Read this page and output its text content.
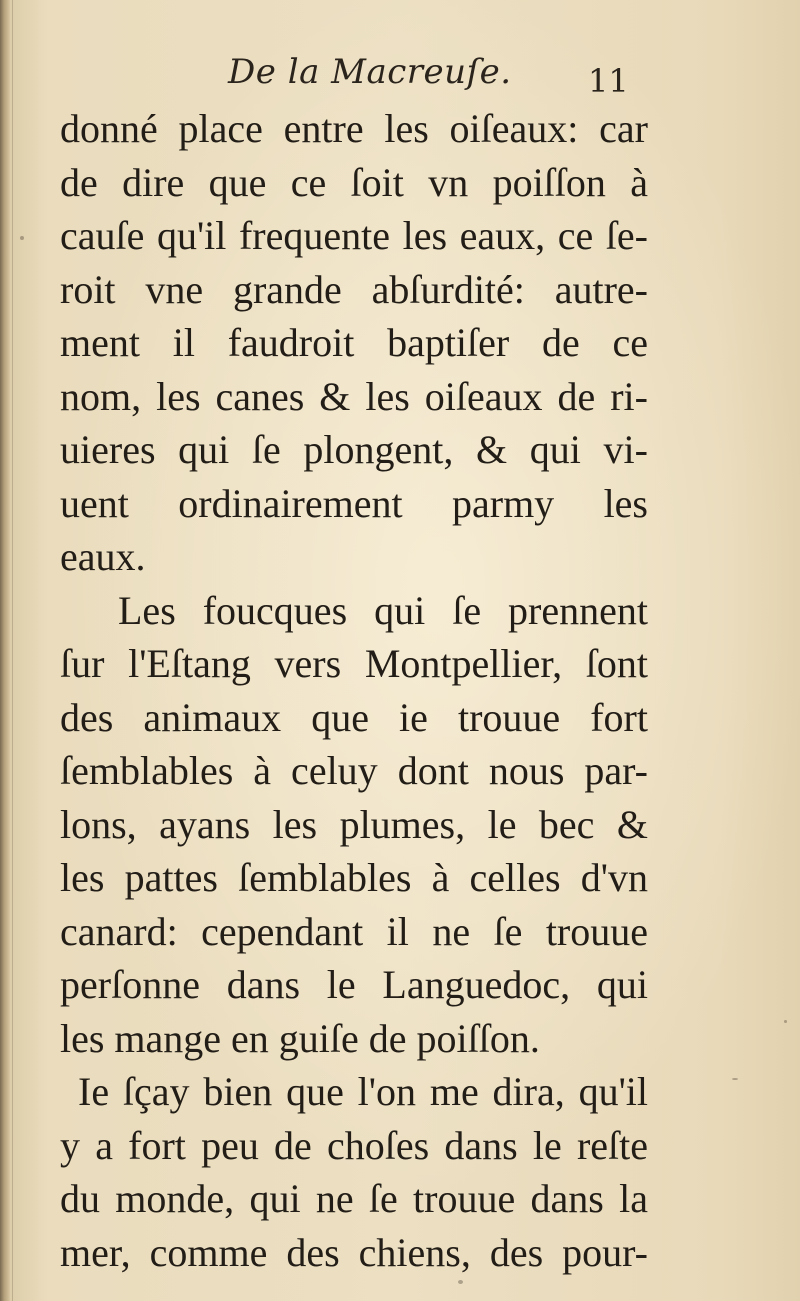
De la Macreuſe. 11
donné place entre les oiſeaux: car
de dire que ce ſoit vn poiſſon à
cauſe qu'il frequente les eaux, ce ſe-
roit vne grande abſurdité: autre-
ment il faudroit baptiſer de ce
nom, les canes & les oiſeaux de ri-
uieres qui ſe plongent, & qui vi-
uent ordinairement parmy les
eaux.
Les foucques qui ſe prennent
ſur l'Eſtang vers Montpellier, ſont
des animaux que ie trouue fort
ſemblables à celuy dont nous par-
lons, ayans les plumes, le bec &
les pattes ſemblables à celles d'vn
canard: cependant il ne ſe trouue
perſonne dans le Languedoc, qui
les mange en guiſe de poiſſon.
Ie ſçay bien que l'on me dira, qu'il
y a fort peu de choſes dans le reſte
du monde, qui ne ſe trouue dans la
mer, comme des chiens, des pour-
